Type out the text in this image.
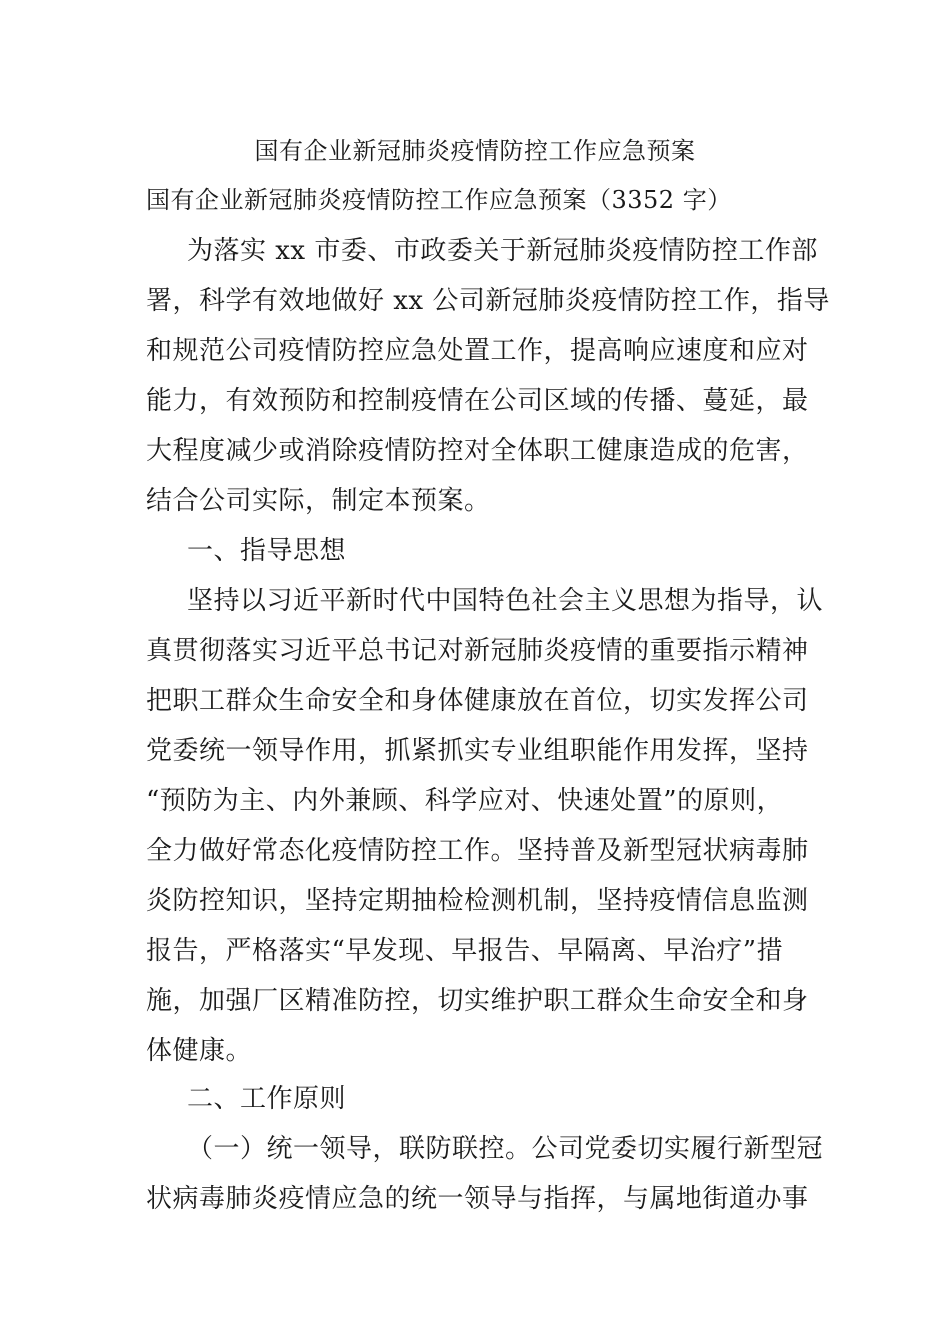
国有企业新冠肺炎疫情防控工作应急预案

国有企业新冠肺炎疫情防控工作应急预案（3352 字）

为落实 xx 市委、市政委关于新冠肺炎疫情防控工作部

署，科学有效地做好 xx 公司新冠肺炎疫情防控工作，指导

和规范公司疫情防控应急处置工作，提高响应速度和应对

能力，有效预防和控制疫情在公司区域的传播、蔓延，最

大程度减少或消除疫情防控对全体职工健康造成的危害，

结合公司实际，制定本预案。

一、指导思想

坚持以习近平新时代中国特色社会主义思想为指导，认

真贯彻落实习近平总书记对新冠肺炎疫情的重要指示精神

把职工群众生命安全和身体健康放在首位，切实发挥公司

党委统一领导作用，抓紧抓实专业组职能作用发挥，坚持

“预防为主、内外兼顾、科学应对、快速处置”的原则，

全力做好常态化疫情防控工作。坚持普及新型冠状病毒肺

炎防控知识，坚持定期抽检检测机制，坚持疫情信息监测

报告，严格落实“早发现、早报告、早隔离、早治疗”措

施，加强厂区精准防控，切实维护职工群众生命安全和身

体健康。

二、工作原则

（一）统一领导，联防联控。公司党委切实履行新型冠

状病毒肺炎疫情应急的统一领导与指挥，与属地街道办事
